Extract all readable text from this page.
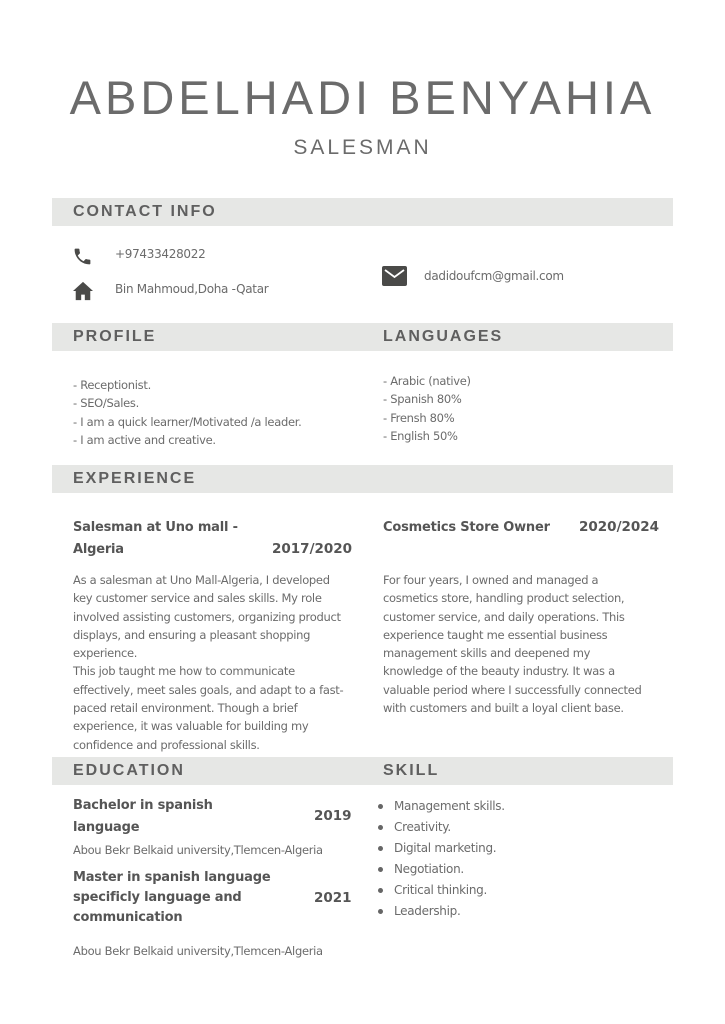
ABDELHADI BENYAHIA
SALESMAN
CONTACT INFO
+97433428022
Bin Mahmoud,Doha -Qatar
dadidoufcm@gmail.com
PROFILE	LANGUAGES
- Receptionist.
- SEO/Sales.
- I am a quick learner/Motivated /a leader.
- I am active and creative.
- Arabic (native)
- Spanish 80%
- Frensh 80%
- English 50%
EXPERIENCE
Salesman at Uno mall -
Algeria	2017/2020
As a salesman at Uno Mall-Algeria, I developed
key customer service and sales skills. My role
involved assisting customers, organizing product
displays, and ensuring a pleasant shopping
experience.
This job taught me how to communicate
effectively, meet sales goals, and adapt to a fast-
paced retail environment. Though a brief
experience, it was valuable for building my
confidence and professional skills.
Cosmetics Store Owner 2020/2024
For four years, I owned and managed a
cosmetics store, handling product selection,
customer service, and daily operations. This
experience taught me essential business
management skills and deepened my
knowledge of the beauty industry. It was a
valuable period where I successfully connected
with customers and built a loyal client base.
EDUCATION	SKILL
Bachelor in spanish
language
2019
Abou Bekr Belkaid university,Tlemcen-Algeria
Master in spanish language
specificly language and
communication
2021
Abou Bekr Belkaid university,Tlemcen-Algeria
Management skills.
Creativity.
Digital marketing.
Negotiation.
Critical thinking.
Leadership.
